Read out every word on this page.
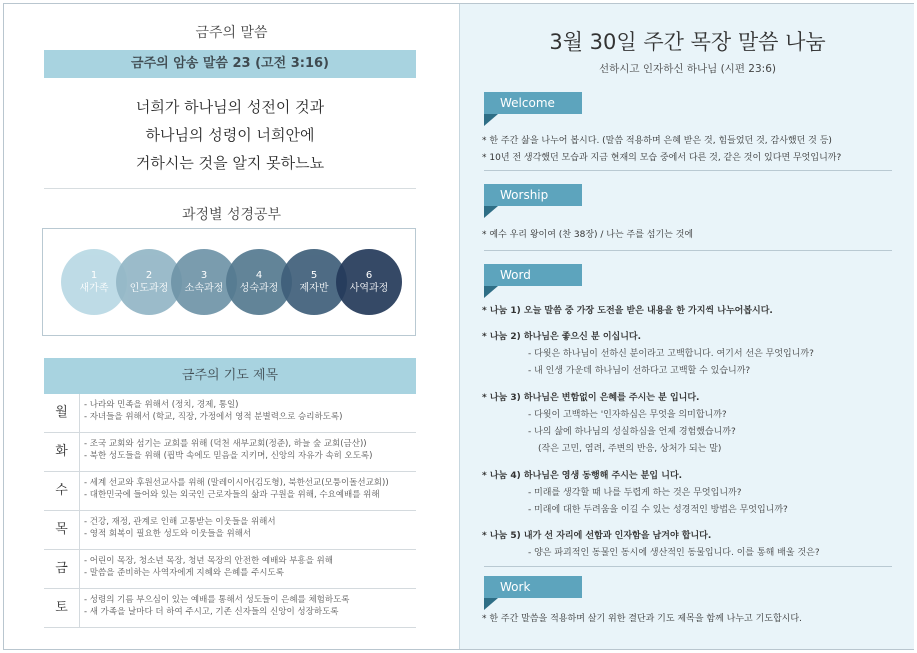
금주의 말씀
금주의 암송 말씀 23 (고전 3:16)
너희가 하나님의 성전이 것과
하나님의 성령이 너희안에
거하시는 것을 알지 못하느뇨
과정별 성경공부
1
새가족
2
인도과정
3
소속과정
4
성숙과정
5
제자반
6
사역과정
금주의 기도 제목
월	- 나라와 민족을 위해서 (정치, 경제, 통일)
- 자녀들을 위해서 (학교, 직장, 가정에서 영적 분별력으로 승리하도록)
화	- 조국 교회와 섬기는 교회를 위해 (덕천 새부교회(정준), 하늘 숲 교회(금산))
- 북한 성도들을 위해 (핍박 속에도 믿음을 지키며, 신앙의 자유가 속히 오도록)
수	- 세계 선교와 후원선교사를 위해 (말레이시아(김도형), 북한선교(모퉁이돌선교회))
- 대한민국에 들어와 있는 외국인 근로자들의 삶과 구원을 위해, 수요예배를 위해
목	- 건강, 재정, 관계로 인해 고통받는 이웃들을 위해서
- 영적 회복이 필요한 성도와 이웃들을 위해서
금	- 어린이 목장, 청소년 목장, 청년 목장의 안전한 예배와 부흥을 위해
- 말씀을 준비하는 사역자에게 지혜와 은혜를 주시도록
토	- 성령의 기름 부으심이 있는 예배를 통해서 성도들이 은혜를 체험하도록
- 새 가족을 날마다 더 하여 주시고, 기존 신자들의 신앙이 성장하도록
3월 30일 주간 목장 말씀 나눔
선하시고 인자하신 하나님 (시편 23:6)
Welcome
* 한 주간 삶을 나누어 봅시다. (말씀 적용하며 은혜 받은 것, 힘들었던 것, 감사했던 것 등)
* 10년 전 생각했던 모습과 지금 현재의 모습 중에서 다른 것, 같은 것이 있다면 무엇입니까?
Worship
* 예수 우리 왕이여 (찬 38장) / 나는 주를 섬기는 것에
Word
* 나눔 1) 오늘 말씀 중 가장 도전을 받은 내용을 한 가지씩 나누어봅시다.
* 나눔 2) 하나님은 좋으신 분 이십니다.
- 다윗은 하나님이 선하신 분이라고 고백합니다. 여기서 선은 무엇입니까?
- 내 인생 가운데 하나님이 선하다고 고백할 수 있습니까?
* 나눔 3) 하나님은 변함없이 은혜를 주시는 분 입니다.
- 다윗이 고백하는 '인자하심은 무엇을 의미합니까?
- 나의 삶에 하나님의 성실하심을 언제 경험했습니까?
(작은 고민, 염려, 주변의 반응, 상처가 되는 말)
* 나눔 4) 하나님은 영생 동행해 주시는 분입 니다.
- 미래를 생각할 때 나를 두렵게 하는 것은 무엇입니까?
- 미래에 대한 두려움을 이길 수 있는 성경적인 방법은 무엇입니까?
* 나눔 5) 내가 선 자리에 선함과 인자함을 남겨야 합니다.
- 양은 파괴적인 동물인 동시에 생산적인 동물입니다. 이를 통해 배울 것은?
Work
* 한 주간 말씀을 적용하며 살기 위한 결단과 기도 제목을 함께 나누고 기도합시다.
